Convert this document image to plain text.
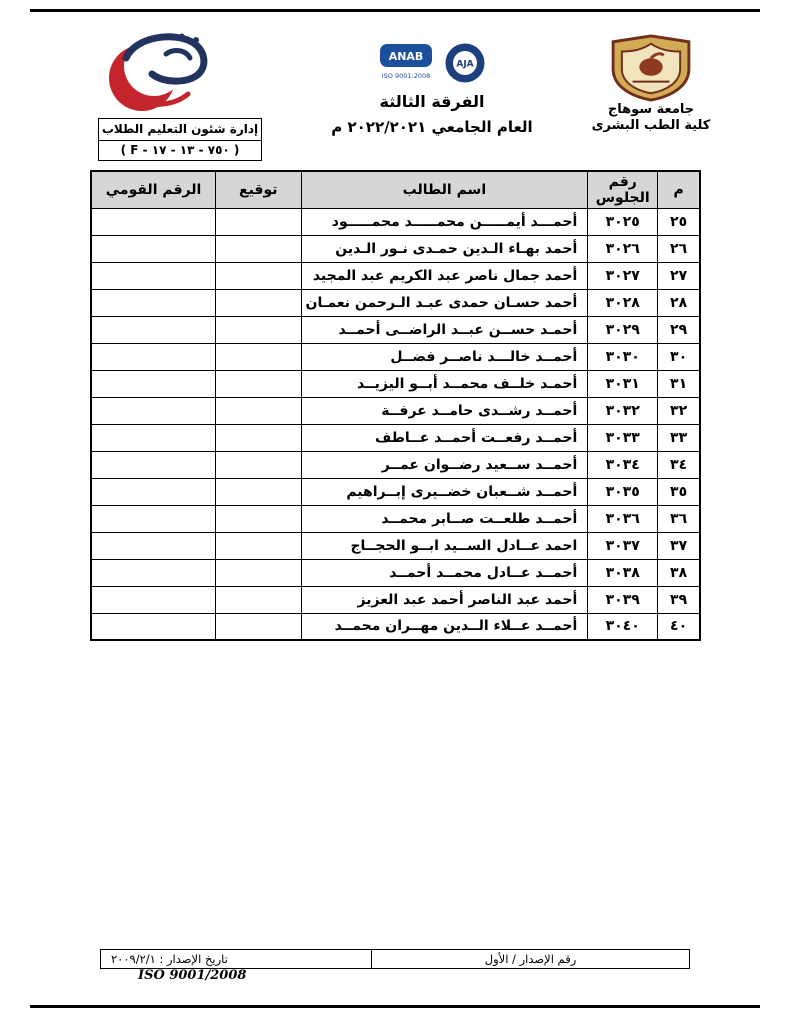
جامعة سوهاج
كلية الطب البشرى
ANAB
ISO 9001:2008
AJA
الفرقة الثالثة
العام الجامعي ٢٠٢٢/٢٠٢١ م
إدارة شئون التعليم الطلاب
( F - ٧٥٠ - ١٣ - ١٧ )
م	رقم الجلوس	اسم الطالب	توقيع	الرقم القومي
٢٥	٣٠٢٥	أحمـــد أيمـــــن محمـــــد محمـــــود		
٢٦	٣٠٢٦	أحمد بهـاء الـدين حمـدى نـور الـدين		
٢٧	٣٠٢٧	أحمد جمال ناصر عبد الكريم عبد المجيد		
٢٨	٣٠٢٨	أحمد حسـان حمدى عبـد الـرحمن نعمـان		
٢٩	٣٠٢٩	أحمـد حســن عبــد الراضــى أحمــد		
٣٠	٣٠٣٠	أحمــد خالـــد ناصــر فضــل		
٣١	٣٠٣١	أحمـد خلــف محمــد أبــو اليزيــد		
٣٢	٣٠٣٢	أحمــد رشــدى حامــد عرفــة		
٣٣	٣٠٣٣	أحمــد رفعــت أحمــد عــاطف		
٣٤	٣٠٣٤	أحمــد ســعيد رضــوان عمــر		
٣٥	٣٠٣٥	أحمــد شــعبان خضــيرى إبــراهيم		
٣٦	٣٠٣٦	أحمــد طلعــت صــابر محمــد		
٣٧	٣٠٣٧	احمد عــادل الســيد ابــو الحجــاج		
٣٨	٣٠٣٨	أحمــد عــادل محمــد أحمــد		
٣٩	٣٠٣٩	أحمد عبد الناصر أحمد عبد العزيز		
٤٠	٣٠٤٠	أحمــد عــلاء الــدين مهــران محمــد		
رقم الإصدار / الأول
تاريخ الإصدار : ٢٠٠٩/٢/١
ISO 9001/2008
